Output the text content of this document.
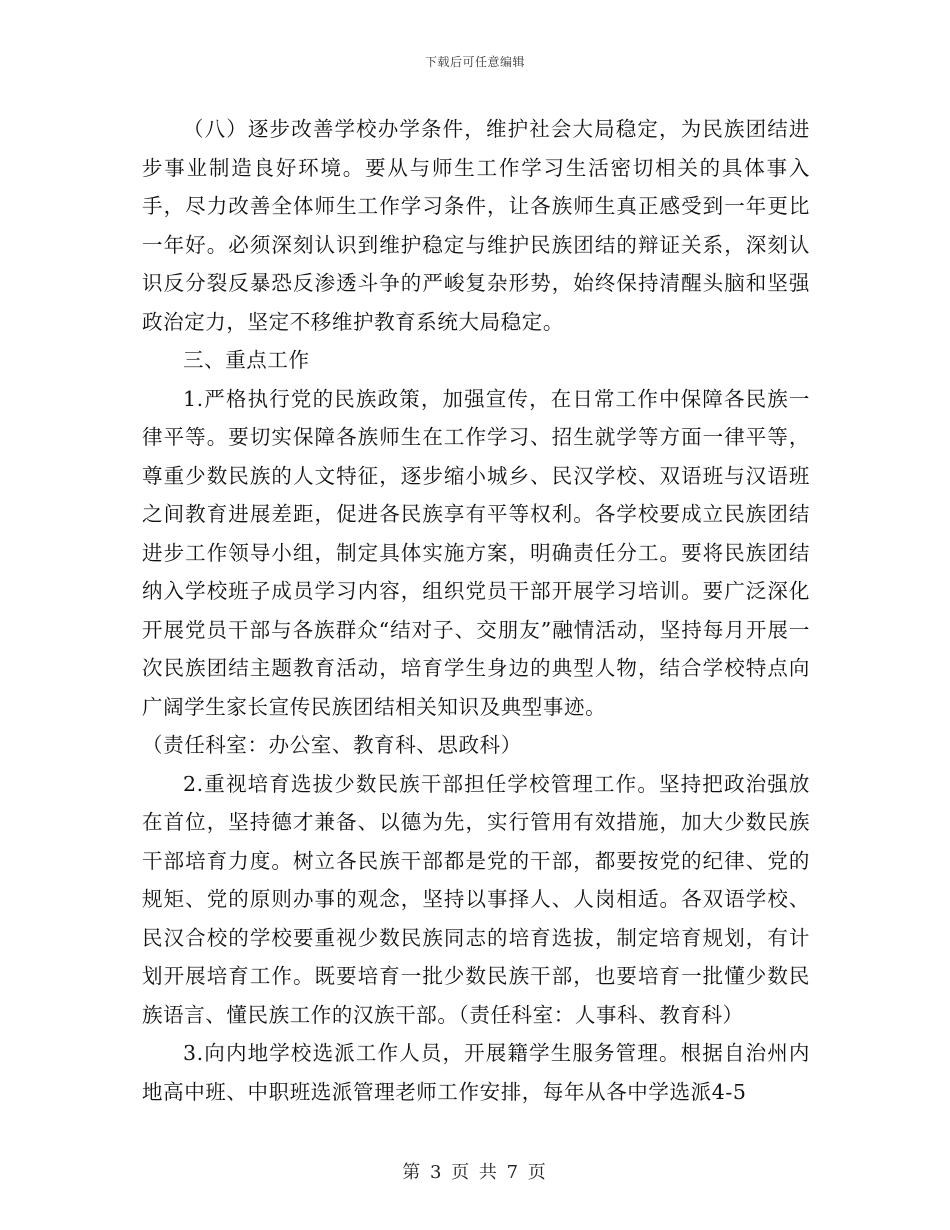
下载后可任意编辑

（八）逐步改善学校办学条件，维护社会大局稳定，为民族团结进步事业制造良好环境。要从与师生工作学习生活密切相关的具体事入手，尽力改善全体师生工作学习条件，让各族师生真正感受到一年更比一年好。必须深刻认识到维护稳定与维护民族团结的辩证关系，深刻认识反分裂反暴恐反渗透斗争的严峻复杂形势，始终保持清醒头脑和坚强政治定力，坚定不移维护教育系统大局稳定。

三、重点工作

1.严格执行党的民族政策，加强宣传，在日常工作中保障各民族一律平等。要切实保障各族师生在工作学习、招生就学等方面一律平等，尊重少数民族的人文特征，逐步缩小城乡、民汉学校、双语班与汉语班之间教育进展差距，促进各民族享有平等权利。各学校要成立民族团结进步工作领导小组，制定具体实施方案，明确责任分工。要将民族团结纳入学校班子成员学习内容，组织党员干部开展学习培训。要广泛深化开展党员干部与各族群众“结对子、交朋友”融情活动，坚持每月开展一次民族团结主题教育活动，培育学生身边的典型人物，结合学校特点向广阔学生家长宣传民族团结相关知识及典型事迹。

（责任科室：办公室、教育科、思政科）

2.重视培育选拔少数民族干部担任学校管理工作。坚持把政治强放在首位，坚持德才兼备、以德为先，实行管用有效措施，加大少数民族干部培育力度。树立各民族干部都是党的干部，都要按党的纪律、党的规矩、党的原则办事的观念，坚持以事择人、人岗相适。各双语学校、民汉合校的学校要重视少数民族同志的培育选拔，制定培育规划，有计划开展培育工作。既要培育一批少数民族干部，也要培育一批懂少数民族语言、懂民族工作的汉族干部。（责任科室：人事科、教育科）

3.向内地学校选派工作人员，开展籍学生服务管理。根据自治州内地高中班、中职班选派管理老师工作安排，每年从各中学选派4-5

第 3 页 共 7 页
